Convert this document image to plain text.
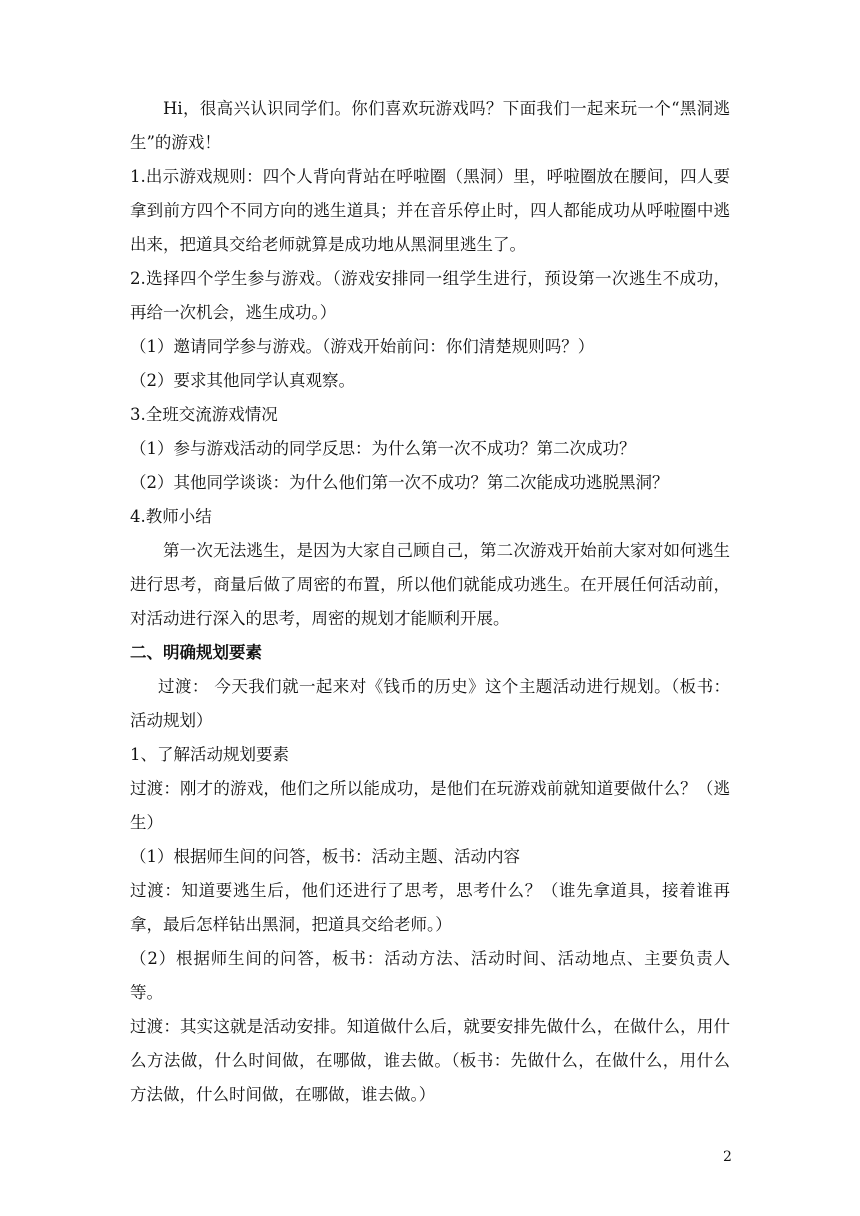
Hi，很高兴认识同学们。你们喜欢玩游戏吗？下面我们一起来玩一个“黑洞逃生”的游戏！

1.出示游戏规则：四个人背向背站在呼啦圈（黑洞）里，呼啦圈放在腰间，四人要拿到前方四个不同方向的逃生道具；并在音乐停止时，四人都能成功从呼啦圈中逃出来，把道具交给老师就算是成功地从黑洞里逃生了。

2.选择四个学生参与游戏。（游戏安排同一组学生进行，预设第一次逃生不成功，再给一次机会，逃生成功。）

（1）邀请同学参与游戏。（游戏开始前问：你们清楚规则吗？）

（2）要求其他同学认真观察。

3.全班交流游戏情况

（1）参与游戏活动的同学反思：为什么第一次不成功？第二次成功？

（2）其他同学谈谈：为什么他们第一次不成功？第二次能成功逃脱黑洞？

4.教师小结

第一次无法逃生，是因为大家自己顾自己，第二次游戏开始前大家对如何逃生进行思考，商量后做了周密的布置，所以他们就能成功逃生。在开展任何活动前，对活动进行深入的思考，周密的规划才能顺利开展。

二、明确规划要素

过渡： 今天我们就一起来对《钱币的历史》这个主题活动进行规划。（板书：活动规划）

1、了解活动规划要素

过渡：刚才的游戏，他们之所以能成功，是他们在玩游戏前就知道要做什么？（逃生）

（1）根据师生间的问答，板书：活动主题、活动内容

过渡：知道要逃生后，他们还进行了思考，思考什么？（谁先拿道具，接着谁再拿，最后怎样钻出黑洞，把道具交给老师。）

（2）根据师生间的问答，板书：活动方法、活动时间、活动地点、主要负责人等。

过渡：其实这就是活动安排。知道做什么后，就要安排先做什么，在做什么，用什么方法做，什么时间做，在哪做，谁去做。（板书：先做什么，在做什么，用什么方法做，什么时间做，在哪做，谁去做。）

2
